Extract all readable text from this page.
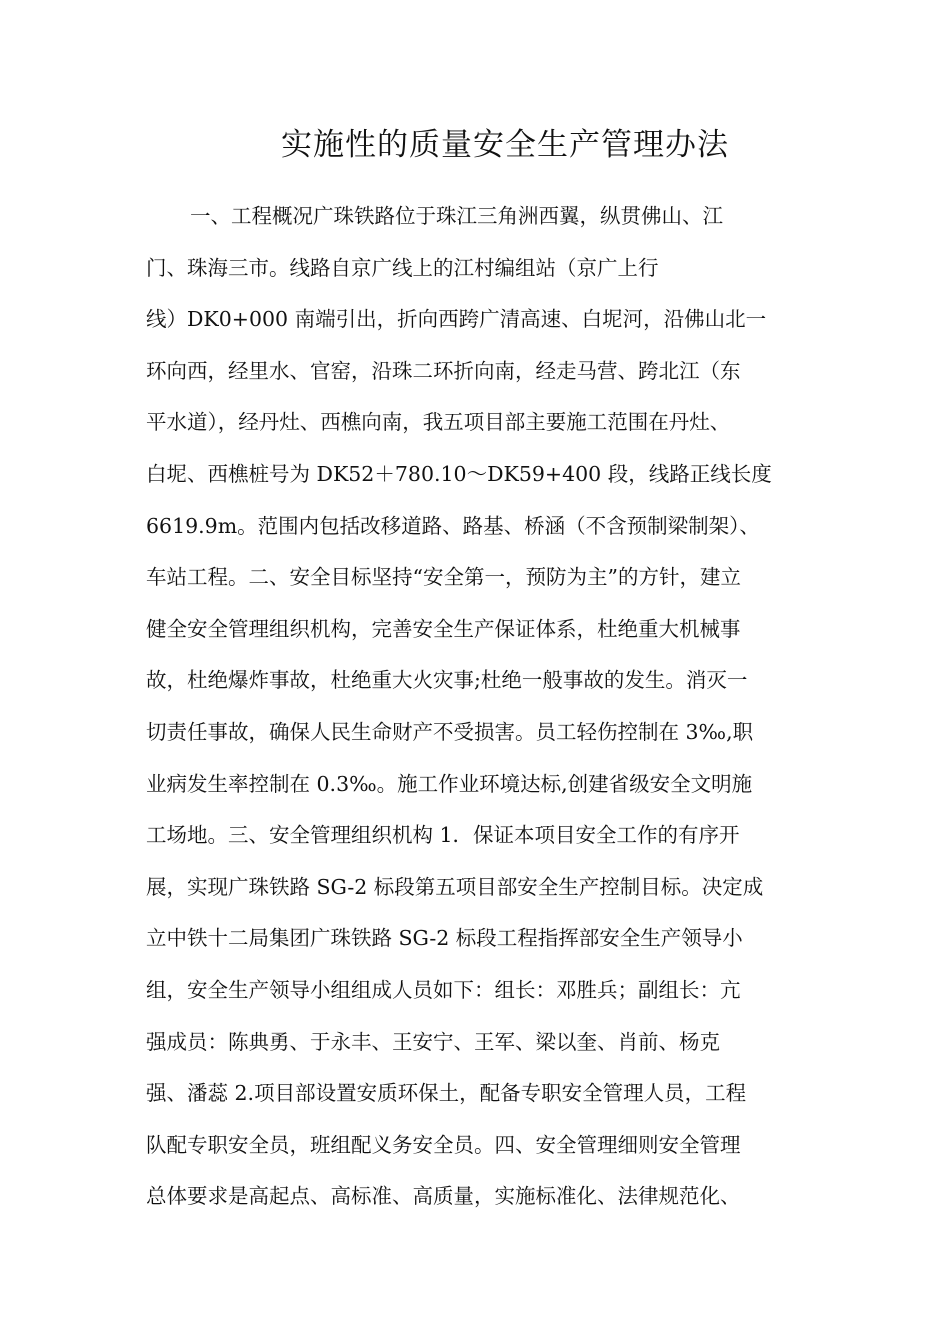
实施性的质量安全生产管理办法
一、工程概况广珠铁路位于珠江三角洲西翼，纵贯佛山、江
门、珠海三市。线路自京广线上的江村编组站（京广上行
线）DK0+000 南端引出，折向西跨广清高速、白坭河，沿佛山北一
环向西，经里水、官窑，沿珠二环折向南，经走马营、跨北江（东
平水道），经丹灶、西樵向南，我五项目部主要施工范围在丹灶、
白坭、西樵桩号为 DK52＋780.10～DK59+400 段，线路正线长度
6619.9m。范围内包括改移道路、路基、桥涵（不含预制梁制架）、
车站工程。二、安全目标坚持“安全第一，预防为主”的方针，建立
健全安全管理组织机构，完善安全生产保证体系，杜绝重大机械事
故，杜绝爆炸事故，杜绝重大火灾事;杜绝一般事故的发生。消灭一
切责任事故，确保人民生命财产不受损害。员工轻伤控制在 3‰,职
业病发生率控制在 0.3‰。施工作业环境达标,创建省级安全文明施
工场地。三、安全管理组织机构 1．保证本项目安全工作的有序开
展，实现广珠铁路 SG-2 标段第五项目部安全生产控制目标。决定成
立中铁十二局集团广珠铁路 SG-2 标段工程指挥部安全生产领导小
组，安全生产领导小组组成人员如下：组长：邓胜兵；副组长：亢
强成员：陈典勇、于永丰、王安宁、王军、梁以奎、肖前、杨克
强、潘蕊 2.项目部设置安质环保土，配备专职安全管理人员，工程
队配专职安全员，班组配义务安全员。四、安全管理细则安全管理
总体要求是高起点、高标准、高质量，实施标准化、法律规范化、
